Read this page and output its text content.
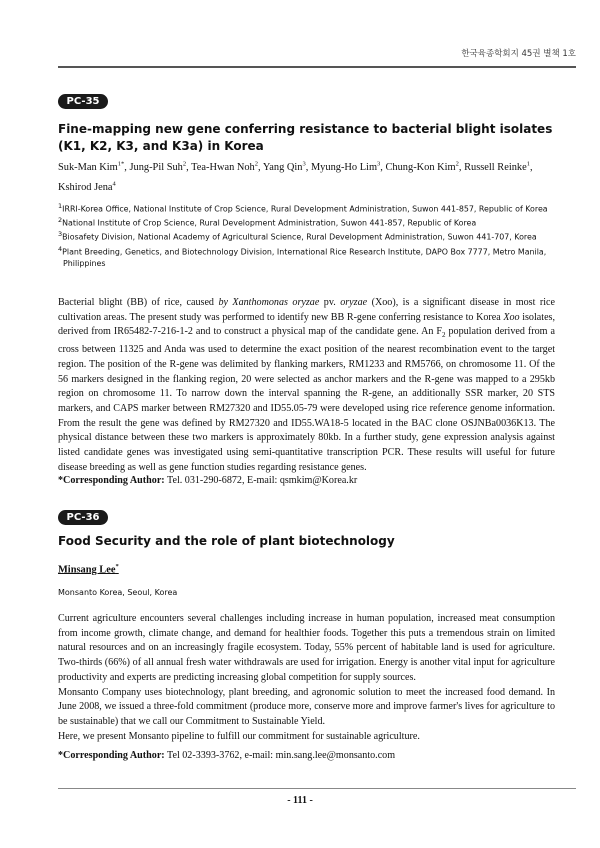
한국육종학회지 45권 별책 1호
PC-35
Fine-mapping new gene conferring resistance to bacterial blight isolates (K1, K2, K3, and K3a) in Korea

Suk-Man Kim$^{1*}$, Jung-Pil Suh$^2$, Tea-Hwan Noh$^2$, Yang Qin$^3$, Myung-Ho Lim$^3$, Chung-Kon Kim$^2$, Russell Reinke$^1$, Kshirod Jena$^4$

$^1$IRRI-Korea Office, National Institute of Crop Science, Rural Development Administration, Suwon 441-857, Republic of Korea
$^2$National Institute of Crop Science, Rural Development Administration, Suwon 441-857, Republic of Korea
$^3$Biosafety Division, National Academy of Agricultural Science, Rural Development Administration, Suwon 441-707, Korea
$^4$Plant Breeding, Genetics, and Biotechnology Division, International Rice Research Institute, DAPO Box 7777, Metro Manila, Philippines

Bacterial blight (BB) of rice, caused by Xanthomonas oryzae pv. oryzae (Xoo), is a significant disease in most rice cultivation areas. The present study was performed to identify new BB R-gene conferring resistance to Korea Xoo isolates, derived from IR65482-7-216-1-2 and to construct a physical map of the candidate gene. An $F_2$ population derived from a cross between 11325 and Anda was used to determine the exact position of the nearest recombination event to the target region. The position of the R-gene was delimited by flanking markers, RM1233 and RM5766, on chromosome 11. Of the 56 markers designed in the flanking region, 20 were selected as anchor markers and the R-gene was mapped to a 295kb region on chromosome 11. To narrow down the interval spanning the R-gene, an additionally SSR marker, 20 STS markers, and CAPS marker between RM27320 and ID55.05-79 were developed using rice reference genome information. From the result the gene was defined by RM27320 and ID55.WA18-5 located in the BAC clone OSJNBa0036K13. The physical distance between these two markers is approximately 80kb. In a further study, gene expression analysis against listed candidate genes was investigated using semi-quantitative transcription PCR. These results will useful for future disease breeding as well as gene function studies regarding resistance genes.

*Corresponding Author: Tel. 031-290-6872, E-mail: qsmkim@Korea.kr

PC-36
Food Security and the role of plant biotechnology

Minsang Lee*

Monsanto Korea, Seoul, Korea

Current agriculture encounters several challenges including increase in human population, increased meat consumption from income growth, climate change, and demand for healthier foods. Together this puts a tremendous strain on limited natural resources and on an increasingly fragile ecosystem. Today, 55% percent of habitable land is used for agriculture. Two-thirds (66%) of all annual fresh water withdrawals are used for irrigation. Energy is another vital input for agriculture productivity and experts are predicting increasing global competition for supply sources.

Monsanto Company uses biotechnology, plant breeding, and agronomic solution to meet the increased food demand. In June 2008, we issued a three-fold commitment (produce more, conserve more and improve farmer's lives for agriculture to be sustainable) that we call our Commitment to Sustainable Yield.

Here, we present Monsanto pipeline to fulfill our commitment for sustainable agriculture.

*Corresponding Author: Tel 02-3393-3762, e-mail: min.sang.lee@monsanto.com

- 111 -
